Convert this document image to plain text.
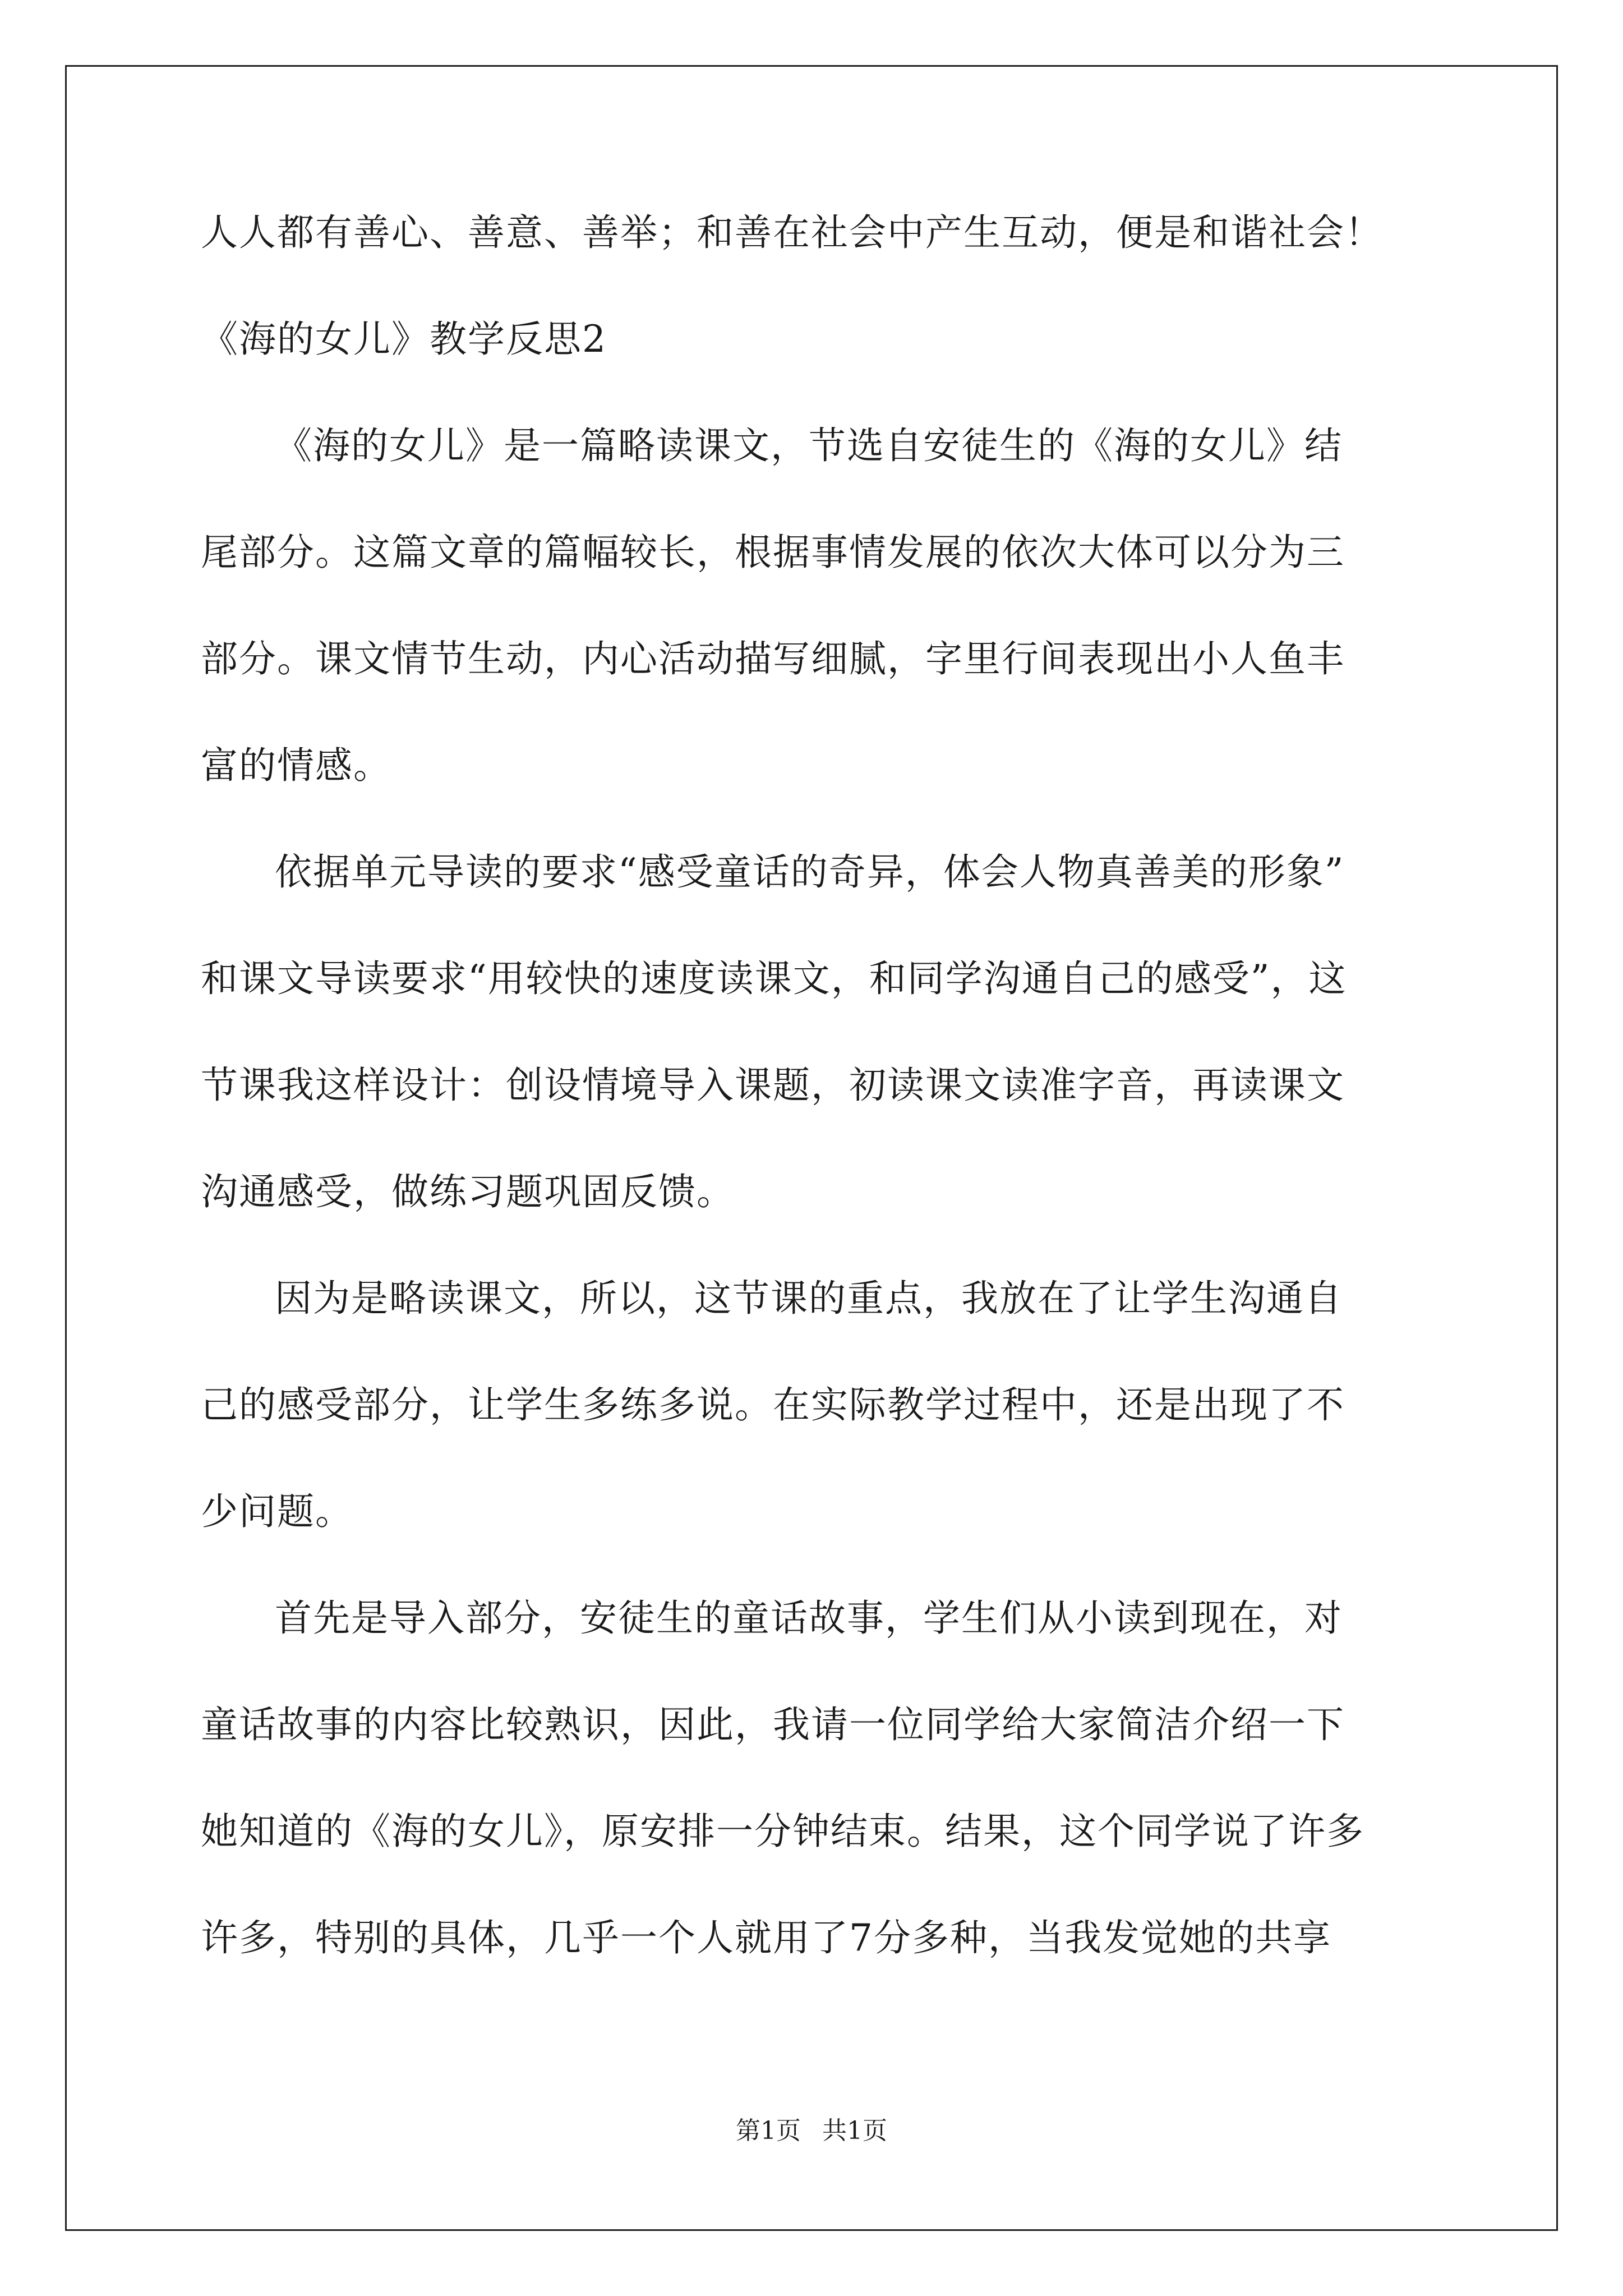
人人都有善心、善意、善举；和善在社会中产生互动，便是和谐社会！
《海的女儿》教学反思2
《海的女儿》是一篇略读课文，节选自安徒生的《海的女儿》结
尾部分。这篇文章的篇幅较长，根据事情发展的依次大体可以分为三
部分。课文情节生动，内心活动描写细腻，字里行间表现出小人鱼丰
富的情感。
依据单元导读的要求“感受童话的奇异，体会人物真善美的形象”
和课文导读要求“用较快的速度读课文，和同学沟通自己的感受”，这
节课我这样设计：创设情境导入课题，初读课文读准字音，再读课文
沟通感受，做练习题巩固反馈。
因为是略读课文，所以，这节课的重点，我放在了让学生沟通自
己的感受部分，让学生多练多说。在实际教学过程中，还是出现了不
少问题。
首先是导入部分，安徒生的童话故事，学生们从小读到现在，对
童话故事的内容比较熟识，因此，我请一位同学给大家简洁介绍一下
她知道的《海的女儿》，原安排一分钟结束。结果，这个同学说了许多
许多，特别的具体，几乎一个人就用了7分多种，当我发觉她的共享
第1页 共1页
